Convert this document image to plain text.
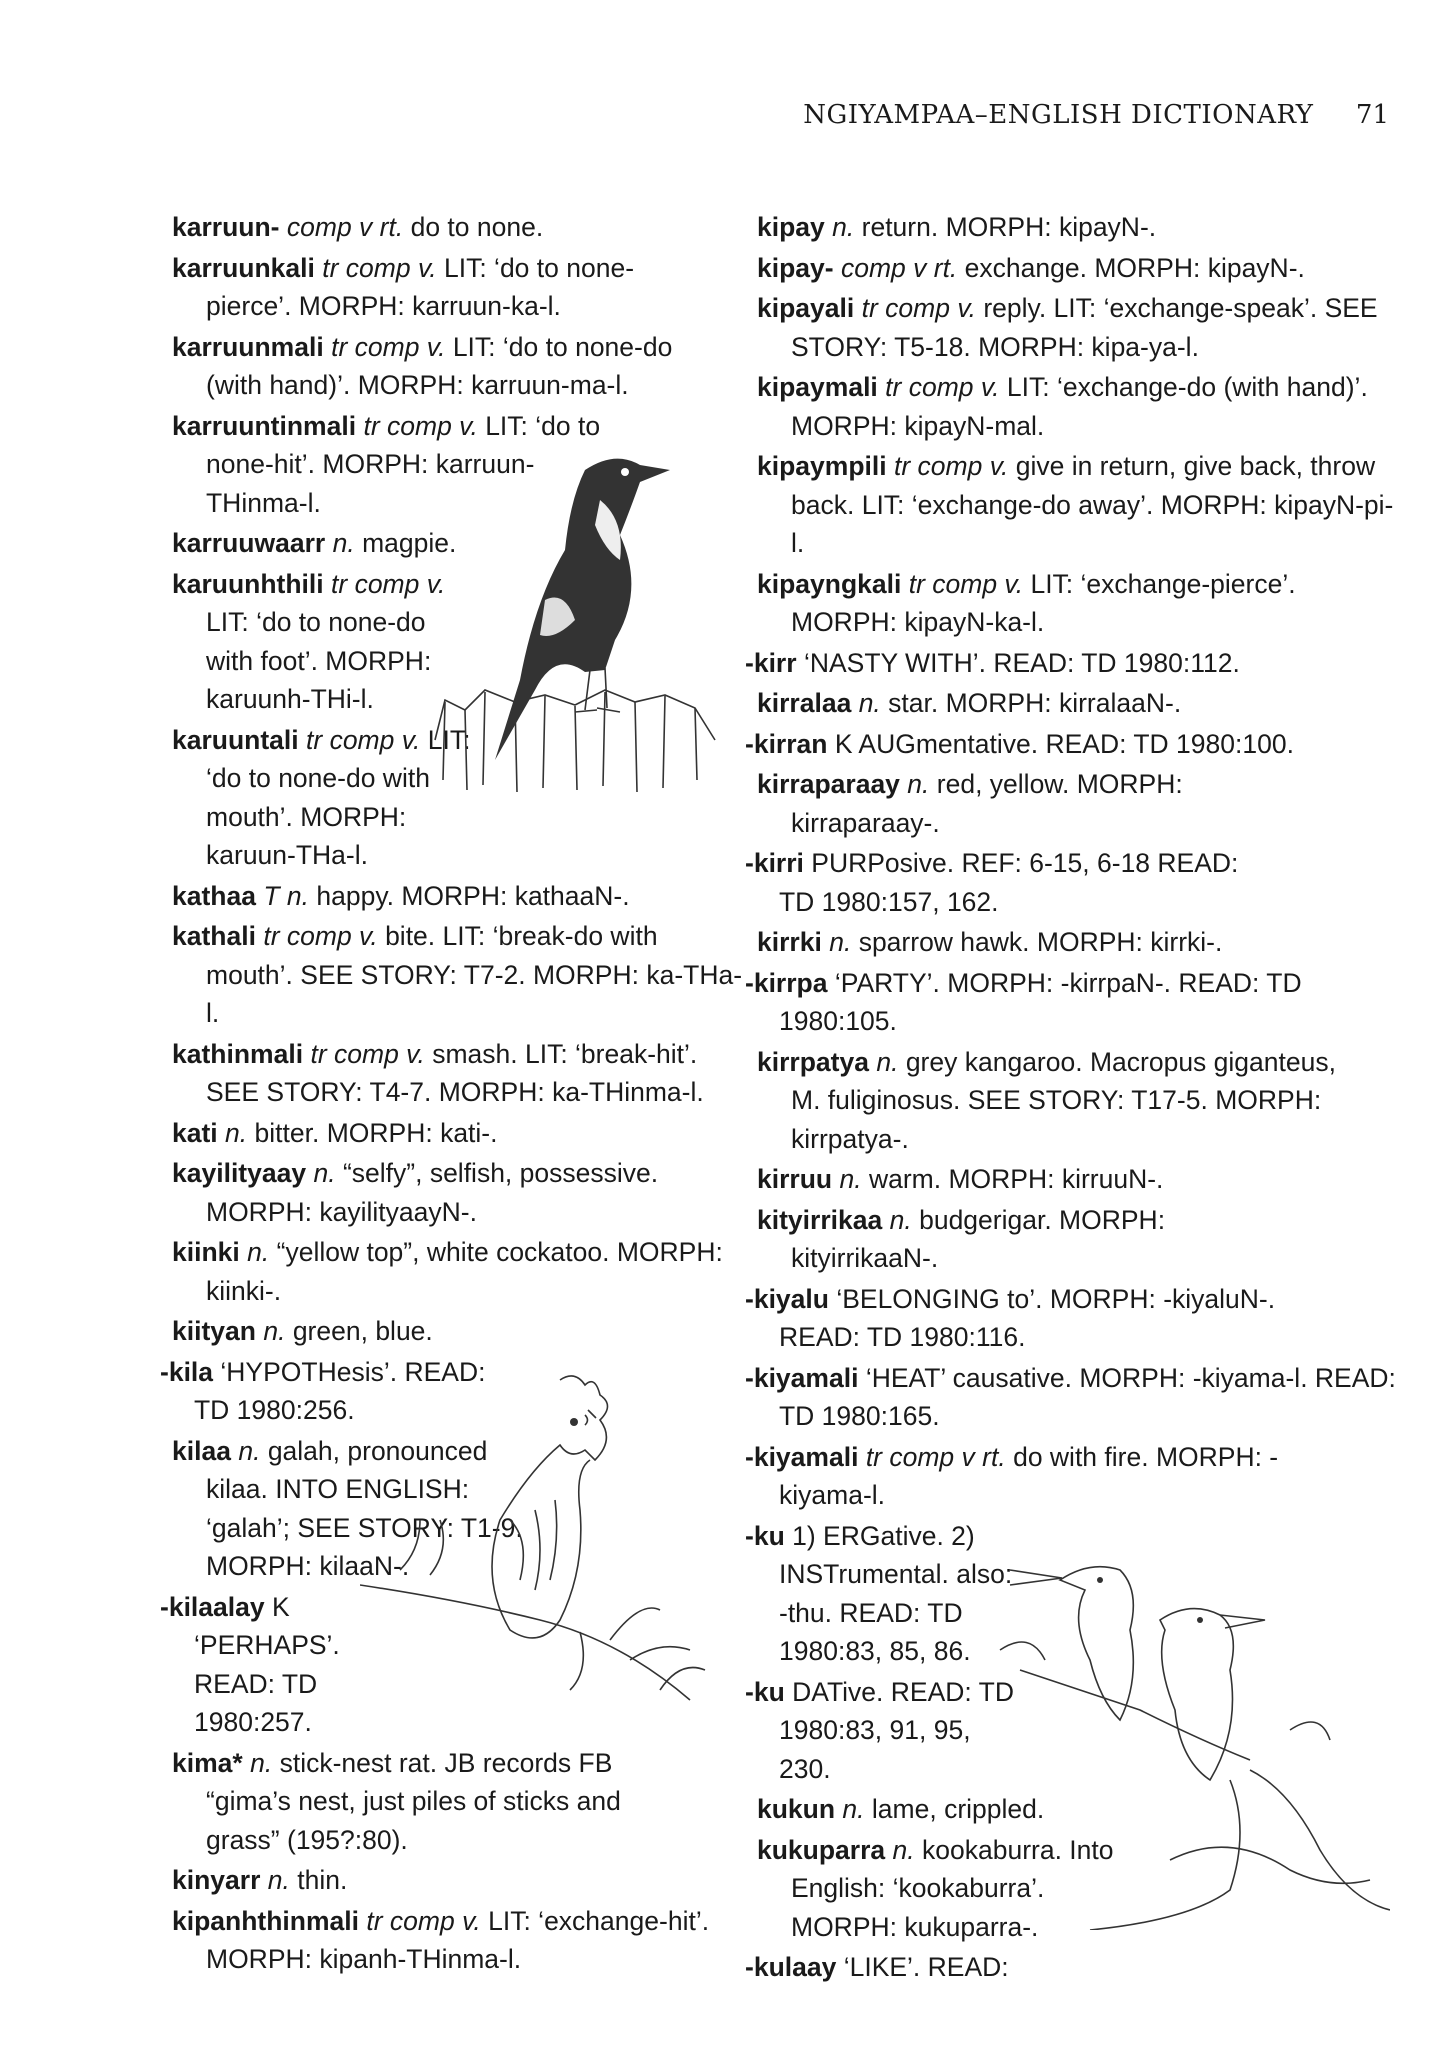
NGIYAMPAA–ENGLISH DICTIONARY 71
karruun- comp v rt. do to none.
karruunkali tr comp v. LIT: ‘do to none-pierce’. MORPH: karruun-ka-l.
karruunmali tr comp v. LIT: ‘do to none-do (with hand)’. MORPH: karruun-ma-l.
karruuntinmali tr comp v. LIT: ‘do to none-hit’. MORPH: karruun-THinma-l.
karruuwaarr n. magpie.
karuunhthili tr comp v. LIT: ‘do to none-do with foot’. MORPH: karuunh-THi-l.
karuuntali tr comp v. LIT: ‘do to none-do with mouth’. MORPH: karuun-THa-l.
kathaa T n. happy. MORPH: kathaaN-.
kathali tr comp v. bite. LIT: ‘break-do with mouth’. SEE STORY: T7-2. MORPH: ka-THa-l.
kathinmali tr comp v. smash. LIT: ‘break-hit’. SEE STORY: T4-7. MORPH: ka-THinma-l.
kati n. bitter. MORPH: kati-.
kayilityaay n. “selfy”, selfish, possessive. MORPH: kayilityaayN-.
kiinki n. “yellow top”, white cockatoo. MORPH: kiinki-.
kiityan n. green, blue.
-kila ‘HYPOTHesis’. READ: TD 1980:256.
kilaa n. galah, pronounced kilaa. INTO ENGLISH: ‘galah’; SEE STORY: T1-9. MORPH: kilaaN-.
-kilaalay K ‘PERHAPS’. READ: TD 1980:257.
kima* n. stick-nest rat. JB records FB “gima’s nest, just piles of sticks and grass” (195?:80).
kinyarr n. thin.
kipanhthinmali tr comp v. LIT: ‘exchange-hit’. MORPH: kipanh-THinma-l.
kipay n. return. MORPH: kipayN-.
kipay- comp v rt. exchange. MORPH: kipayN-.
kipayali tr comp v. reply. LIT: ‘exchange-speak’. SEE STORY: T5-18. MORPH: kipa-ya-l.
kipaymali tr comp v. LIT: ‘exchange-do (with hand)’. MORPH: kipayN-mal.
kipaympili tr comp v. give in return, give back, throw back. LIT: ‘exchange-do away’. MORPH: kipayN-pi-l.
kipayngkali tr comp v. LIT: ‘exchange-pierce’. MORPH: kipayN-ka-l.
-kirr ‘NASTY WITH’. READ: TD 1980:112.
kirralaa n. star. MORPH: kirralaaN-.
-kirran K AUGmentative. READ: TD 1980:100.
kirraparaay n. red, yellow. MORPH: kirraparaay-.
-kirri PURPosive. REF: 6-15, 6-18 READ: TD 1980:157, 162.
kirrki n. sparrow hawk. MORPH: kirrki-.
-kirrpa ‘PARTY’. MORPH: -kirrpaN-. READ: TD 1980:105.
kirrpatya n. grey kangaroo. Macropus giganteus, M. fuliginosus. SEE STORY: T17-5. MORPH: kirrpatya-.
kirruu n. warm. MORPH: kirruuN-.
kityirrikaa n. budgerigar. MORPH: kityirrikaaN-.
-kiyalu ‘BELONGING to’. MORPH: -kiyaluN-. READ: TD 1980:116.
-kiyamali ‘HEAT’ causative. MORPH: -kiyama-l. READ: TD 1980:165.
-kiyamali tr comp v rt. do with fire. MORPH: -kiyama-l.
-ku 1) ERGative. 2) INSTrumental. also: -thu. READ: TD 1980:83, 85, 86.
-ku DATive. READ: TD 1980:83, 91, 95, 230.
kukun n. lame, crippled.
kukuparra n. kookaburra. Into English: ‘kookaburra’. MORPH: kukuparra-.
-kulaay ‘LIKE’. READ:
